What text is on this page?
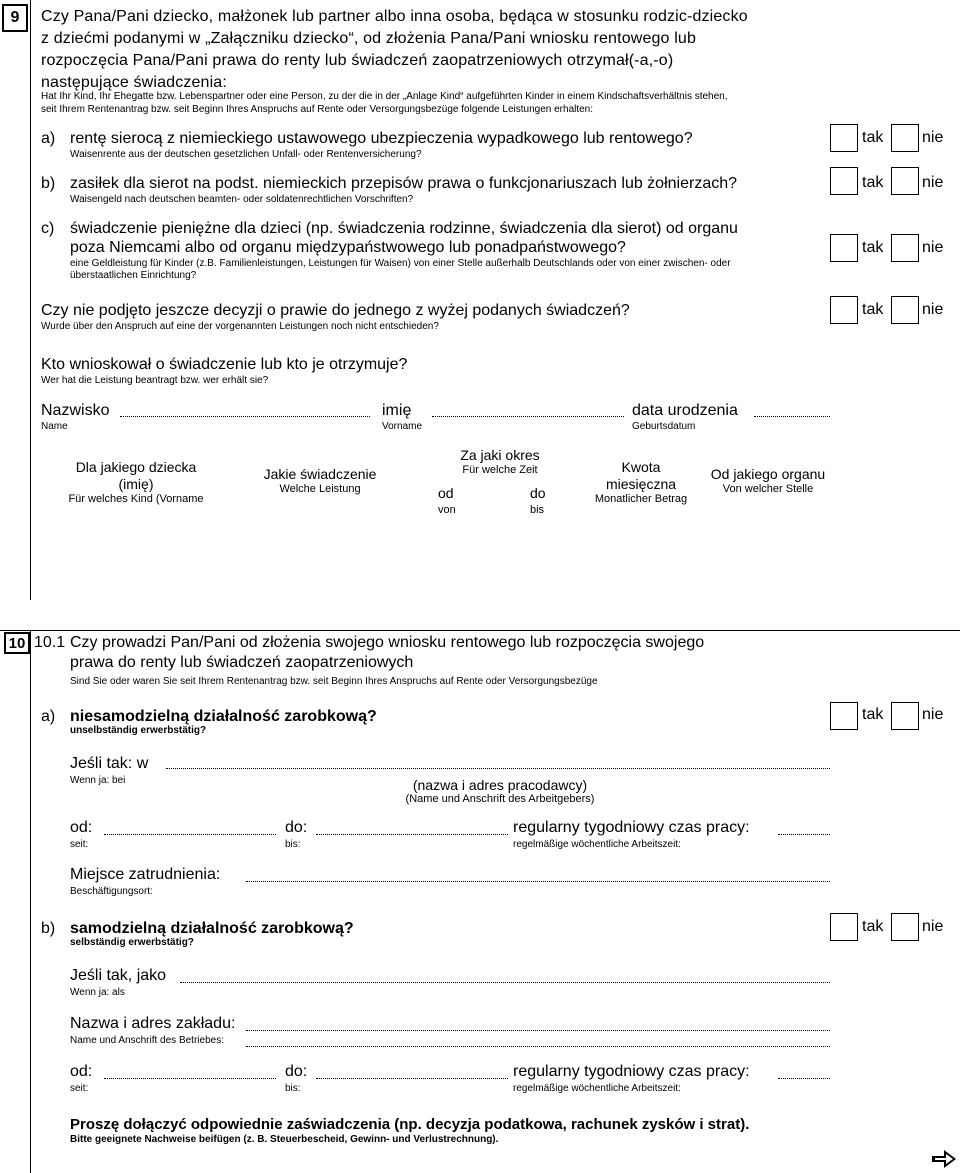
9	Czy Pana/Pani dziecko, małżonek lub partner albo inna osoba, będąca w stosunku rodzic-dziecko
z dziećmi podanymi w „Załączniku dziecko“, od złożenia Pana/Pani wniosku rentowego lub
rozpoczęcia Pana/Pani prawa do renty lub świadczeń zaopatrzeniowych otrzymał(-a,-o)
następujące świadczenia:
Hat Ihr Kind, Ihr Ehegatte bzw. Lebenspartner oder eine Person, zu der die in der „Anlage Kind“ aufgeführten Kinder in einem Kindschaftsverhältnis stehen,
seit Ihrem Rentenantrag bzw. seit Beginn Ihres Anspruchs auf Rente oder Versorgungsbezüge folgende Leistungen erhalten:
a) rentę sierocą z niemieckiego ustawowego ubezpieczenia wypadkowego lub rentowego?
Waisenrente aus der deutschen gesetzlichen Unfall- oder Rentenversicherung?
tak nie
b) zasiłek dla sierot na podst. niemieckich przepisów prawa o funkcjonariuszach lub żołnierzach?
Waisengeld nach deutschen beamten- oder soldatenrechtlichen Vorschriften?
tak nie
c) świadczenie pieniężne dla dzieci (np. świadczenia rodzinne, świadczenia dla sierot) od organu
poza Niemcami albo od organu międzypaństwowego lub ponadpaństwowego?
eine Geldleistung für Kinder (z.B. Familienleistungen, Leistungen für Waisen) von einer Stelle außerhalb Deutschlands oder von einer zwischen- oder
überstaatlichen Einrichtung?
tak nie
Czy nie podjęto jeszcze decyzji o prawie do jednego z wyżej podanych świadczeń?
Wurde über den Anspruch auf eine der vorgenannten Leistungen noch nicht entschieden?
tak nie
Kto wnioskował o świadczenie lub kto je otrzymuje?
Wer hat die Leistung beantragt bzw. wer erhält sie?
Nazwisko
Name
imię
Vorname
data urodzenia
Geburtsdatum
Dla jakiego dziecka
(imię)
Für welches Kind (Vorname
Jakie świadczenie
Welche Leistung
Za jaki okres
Für welche Zeit
od
von
do
bis
Kwota
miesięczna
Monatlicher Betrag
Od jakiego organu
Von welcher Stelle
10 10.1 Czy prowadzi Pan/Pani od złożenia swojego wniosku rentowego lub rozpoczęcia swojego
prawa do renty lub świadczeń zaopatrzeniowych
Sind Sie oder waren Sie seit Ihrem Rentenantrag bzw. seit Beginn Ihres Anspruchs auf Rente oder Versorgungsbezüge
a) niesamodzielną działalność zarobkową?
unselbständig erwerbstätig?
tak nie
Jeśli tak: w
Wenn ja: bei	(nazwa i adres pracodawcy)
(Name und Anschrift des Arbeitgebers)
od:
seit:
do:
bis:
regularny tygodniowy czas pracy:
regelmäßige wöchentliche Arbeitszeit:
Miejsce zatrudnienia:
Beschäftigungsort:
b) samodzielną działalność zarobkową?
selbständig erwerbstätig?
tak nie
Jeśli tak, jako
Wenn ja: als
Nazwa i adres zakładu:
Name und Anschrift des Betriebes:
od:
seit:
do:
bis:
regularny tygodniowy czas pracy:
regelmäßige wöchentliche Arbeitszeit:
Proszę dołączyć odpowiednie zaświadczenia (np. decyzja podatkowa, rachunek zysków i strat).
Bitte geeignete Nachweise beifügen (z. B. Steuerbescheid, Gewinn- und Verlustrechnung).
